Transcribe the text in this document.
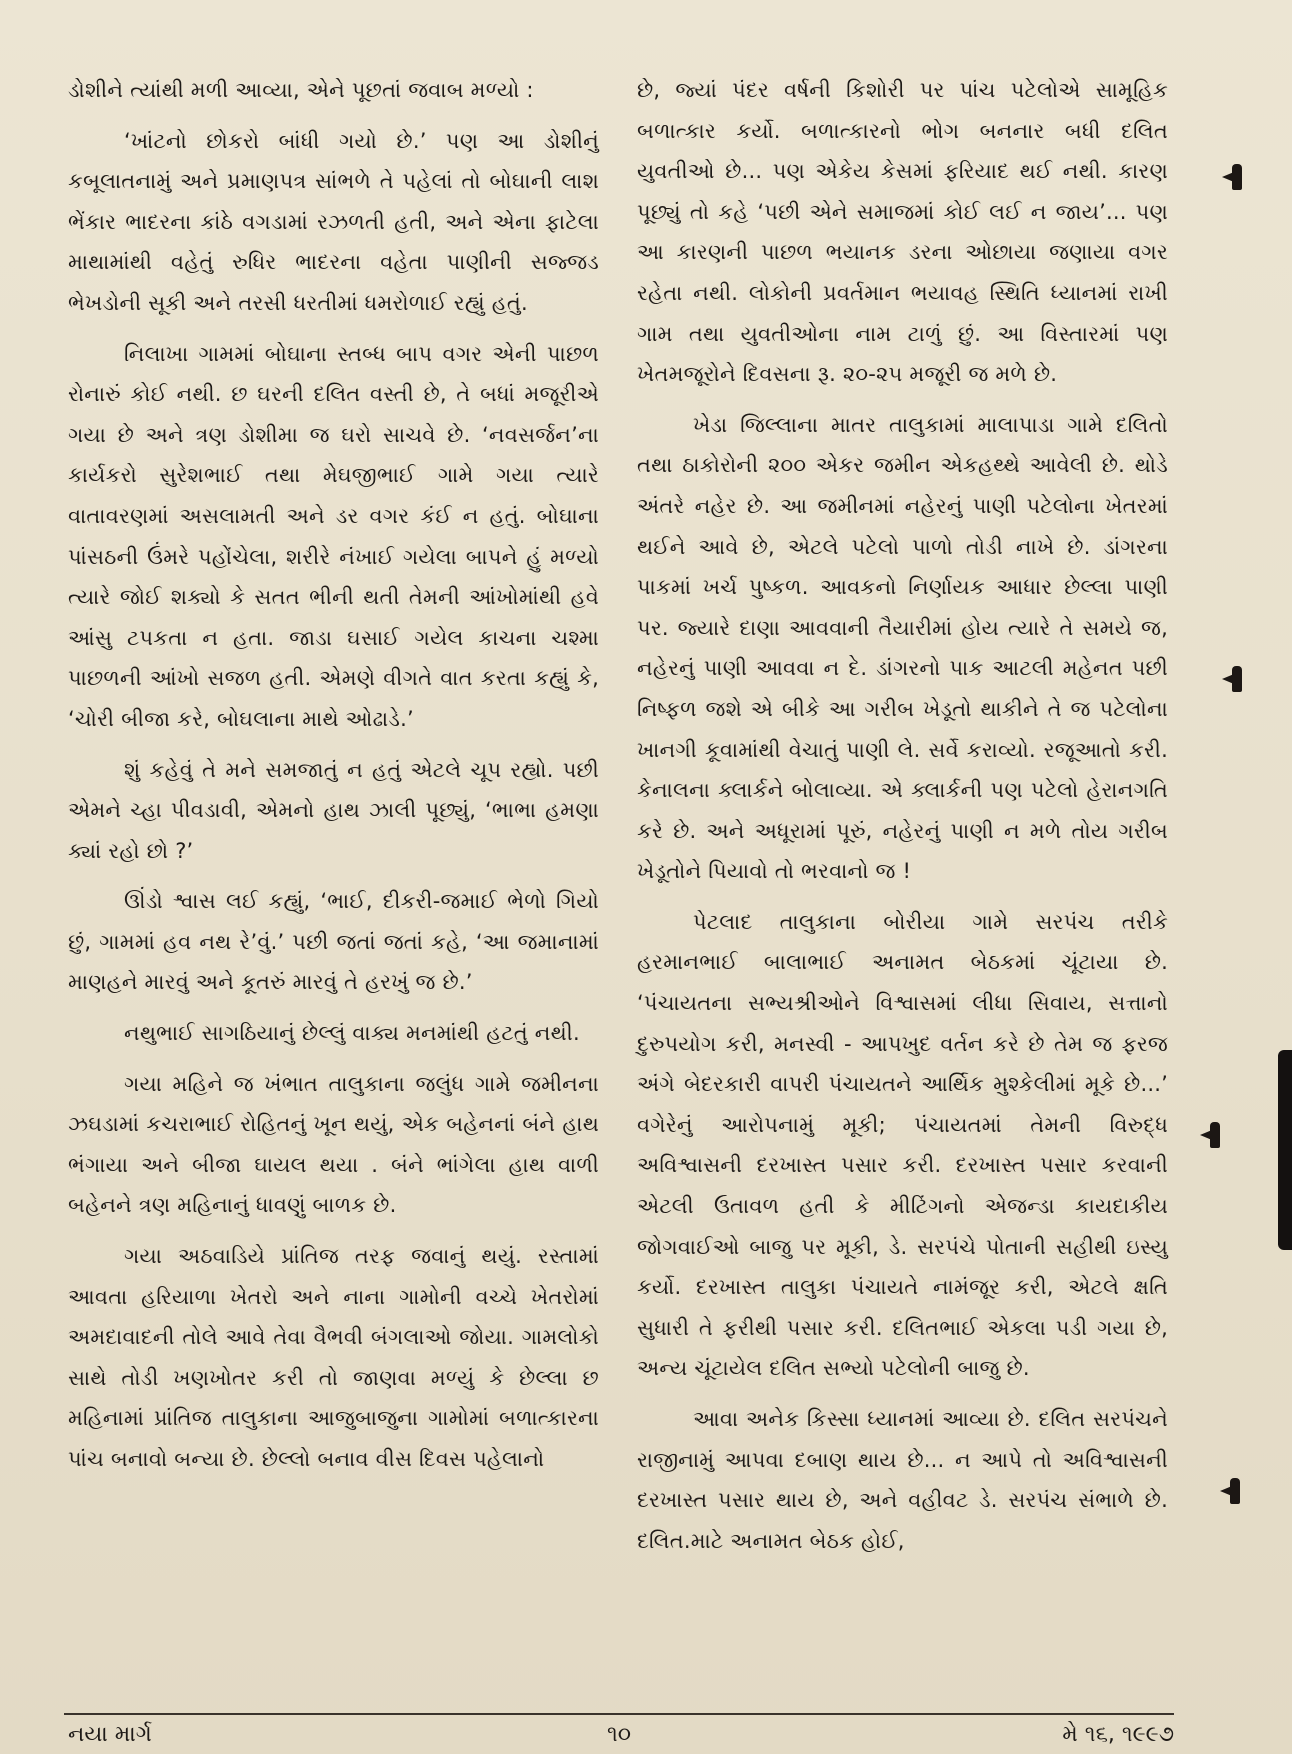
ડોશીને ત્યાંથી મળી આવ્યા, એને પૂછતાં જવાબ મળ્યો :

‘ખાંટનો છોકરો બાંધી ગયો છે.’ પણ આ ડોશીનું કબૂલાતનામું અને પ્રમાણપત્ર સાંભળે તે પહેલાં તો બોઘાની લાશ ભેંકાર ભાદરના કાંઠે વગડામાં રઝળતી હતી, અને એના ફાટેલા માથામાંથી વહેતું રુધિર ભાદરના વહેતા પાણીની સજ્જડ ભેખડોની સૂકી અને તરસી ધરતીમાં ધમરોળાઈ રહ્યું હતું.

નિલાખા ગામમાં બોઘાના સ્તબ્ધ બાપ વગર એની પાછળ રોનારું કોઈ નથી. છ ઘરની દલિત વસ્તી છે, તે બધાં મજૂરીએ ગયા છે અને ત્રણ ડોશીમા જ ઘરો સાચવે છે. ‘નવસર્જન’ના કાર્યકરો સુરેશભાઈ તથા મેઘજીભાઈ ગામે ગયા ત્યારે વાતાવરણમાં અસલામતી અને ડર વગર કંઈ ન હતું. બોઘાના પાંસઠની ઉંમરે પહોંચેલા, શરીરે નંખાઈ ગયેલા બાપને હું મળ્યો ત્યારે જોઈ શક્યો કે સતત ભીની થતી તેમની આંખોમાંથી હવે આંસુ ટપકતા ન હતા. જાડા ઘસાઈ ગયેલ કાચના ચશ્મા પાછળની આંખો સજળ હતી. એમણે વીગતે વાત કરતા કહ્યું કે, ‘ચોરી બીજા કરે, બોઘલાના માથે ઓઢાડે.’

શું કહેવું તે મને સમજાતું ન હતું એટલે ચૂપ રહ્યો. પછી એમને ચ્હા પીવડાવી, એમનો હાથ ઝાલી પૂછ્યું, ‘ભાભા હમણા ક્યાં રહો છો ?’

ઊંડો શ્વાસ લઈ કહ્યું, ‘ભાઈ, દીકરી-જમાઈ ભેળો ગિયો છું, ગામમાં હવ નથ રે’વું.’ પછી જતાં જતાં કહે, ‘આ જમાનામાં માણહને મારવું અને કૂતરું મારવું તે હરખું જ છે.’

નથુભાઈ સાગઠિયાનું છેલ્લું વાક્ય મનમાંથી હટતું નથી.

ગયા મહિને જ ખંભાત તાલુકાના જલુંધ ગામે જમીનના ઝઘડામાં કચરાભાઈ રોહિતનું ખૂન થયું, એક બહેનનાં બંને હાથ ભંગાયા અને બીજા ઘાયલ થયા . બંને ભાંગેલા હાથ વાળી બહેનને ત્રણ મહિનાનું ધાવણું બાળક છે.

ગયા અઠવાડિયે પ્રાંતિજ તરફ જવાનું થયું. રસ્તામાં આવતા હરિયાળા ખેતરો અને નાના ગામોની વચ્ચે ખેતરોમાં અમદાવાદની તોલે આવે તેવા વૈભવી બંગલાઓ જોયા. ગામલોકો સાથે તોડી ખણખોતર કરી તો જાણવા મળ્યું કે છેલ્લા છ મહિનામાં પ્રાંતિજ તાલુકાના આજુબાજુના ગામોમાં બળાત્કારના પાંચ બનાવો બન્યા છે. છેલ્લો બનાવ વીસ દિવસ પહેલાનો

છે, જ્યાં પંદર વર્ષની કિશોરી પર પાંચ પટેલોએ સામૂહિક બળાત્કાર કર્યો. બળાત્કારનો ભોગ બનનાર બધી દલિત યુવતીઓ છે... પણ એકેય કેસમાં ફરિયાદ થઈ નથી. કારણ પૂછ્યું તો કહે ‘પછી એને સમાજમાં કોઈ લઈ ન જાય’... પણ આ કારણની પાછળ ભયાનક ડરના ઓછાયા જણાયા વગર રહેતા નથી. લોકોની પ્રવર્તમાન ભયાવહ સ્થિતિ ધ્યાનમાં રાખી ગામ તથા યુવતીઓના નામ ટાળું છું. આ વિસ્તારમાં પણ ખેતમજૂરોને દિવસના રૂ. ૨૦-૨૫ મજૂરી જ મળે છે.

ખેડા જિલ્લાના માતર તાલુકામાં માલાપાડા ગામે દલિતો તથા ઠાકોરોની ૨૦૦ એકર જમીન એકહથ્થે આવેલી છે. થોડે અંતરે નહેર છે. આ જમીનમાં નહેરનું પાણી પટેલોના ખેતરમાં થઈને આવે છે, એટલે પટેલો પાળો તોડી નાખે છે. ડાંગરના પાકમાં ખર્ચ પુષ્કળ. આવકનો નિર્ણાયક આધાર છેલ્લા પાણી પર. જ્યારે દાણા આવવાની તૈયારીમાં હોય ત્યારે તે સમયે જ, નહેરનું પાણી આવવા ન દે. ડાંગરનો પાક આટલી મહેનત પછી નિષ્ફળ જશે એ બીકે આ ગરીબ ખેડૂતો થાકીને તે જ પટેલોના ખાનગી કૂવામાંથી વેચાતું પાણી લે. સર્વે કરાવ્યો. રજૂઆતો કરી. કેનાલના ક્લાર્કને બોલાવ્યા. એ ક્લાર્કની પણ પટેલો હેરાનગતિ કરે છે. અને અધૂરામાં પૂરું, નહેરનું પાણી ન મળે તોય ગરીબ ખેડૂતોને પિયાવો તો ભરવાનો જ !

પેટલાદ તાલુકાના બોરીયા ગામે સરપંચ તરીકે હરમાનભાઈ બાલાભાઈ અનામત બેઠકમાં ચૂંટાયા છે. ‘પંચાયતના સભ્યશ્રીઓને વિશ્વાસમાં લીધા સિવાય, સત્તાનો દુરુપયોગ કરી, મનસ્વી - આપખુદ વર્તન કરે છે તેમ જ ફરજ અંગે બેદરકારી વાપરી પંચાયતને આર્થિક મુશ્કેલીમાં મૂકે છે...’ વગેરેનું આરોપનામું મૂકી; પંચાયતમાં તેમની વિરુદ્ધ અવિશ્વાસની દરખાસ્ત પસાર કરી. દરખાસ્ત પસાર કરવાની એટલી ઉતાવળ હતી કે મીટિંગનો એજન્ડા કાયદાકીય જોગવાઈઓ બાજુ પર મૂકી, ડે. સરપંચે પોતાની સહીથી ઇસ્યુ કર્યો. દરખાસ્ત તાલુકા પંચાયતે નામંજૂર કરી, એટલે ક્ષતિ સુધારી તે ફરીથી પસાર કરી. દલિતભાઈ એકલા પડી ગયા છે, અન્ય ચૂંટાયેલ દલિત સભ્યો પટેલોની બાજુ છે.

આવા અનેક કિસ્સા ધ્યાનમાં આવ્યા છે. દલિત સરપંચને રાજીનામું આપવા દબાણ થાય છે... ન આપે તો અવિશ્વાસની દરખાસ્ત પસાર થાય છે, અને વહીવટ ડે. સરપંચ સંભાળે છે. દલિત.માટે અનામત બેઠક હોઈ,

નયા માર્ગ	૧૦	મે ૧૬, ૧૯૯૭
